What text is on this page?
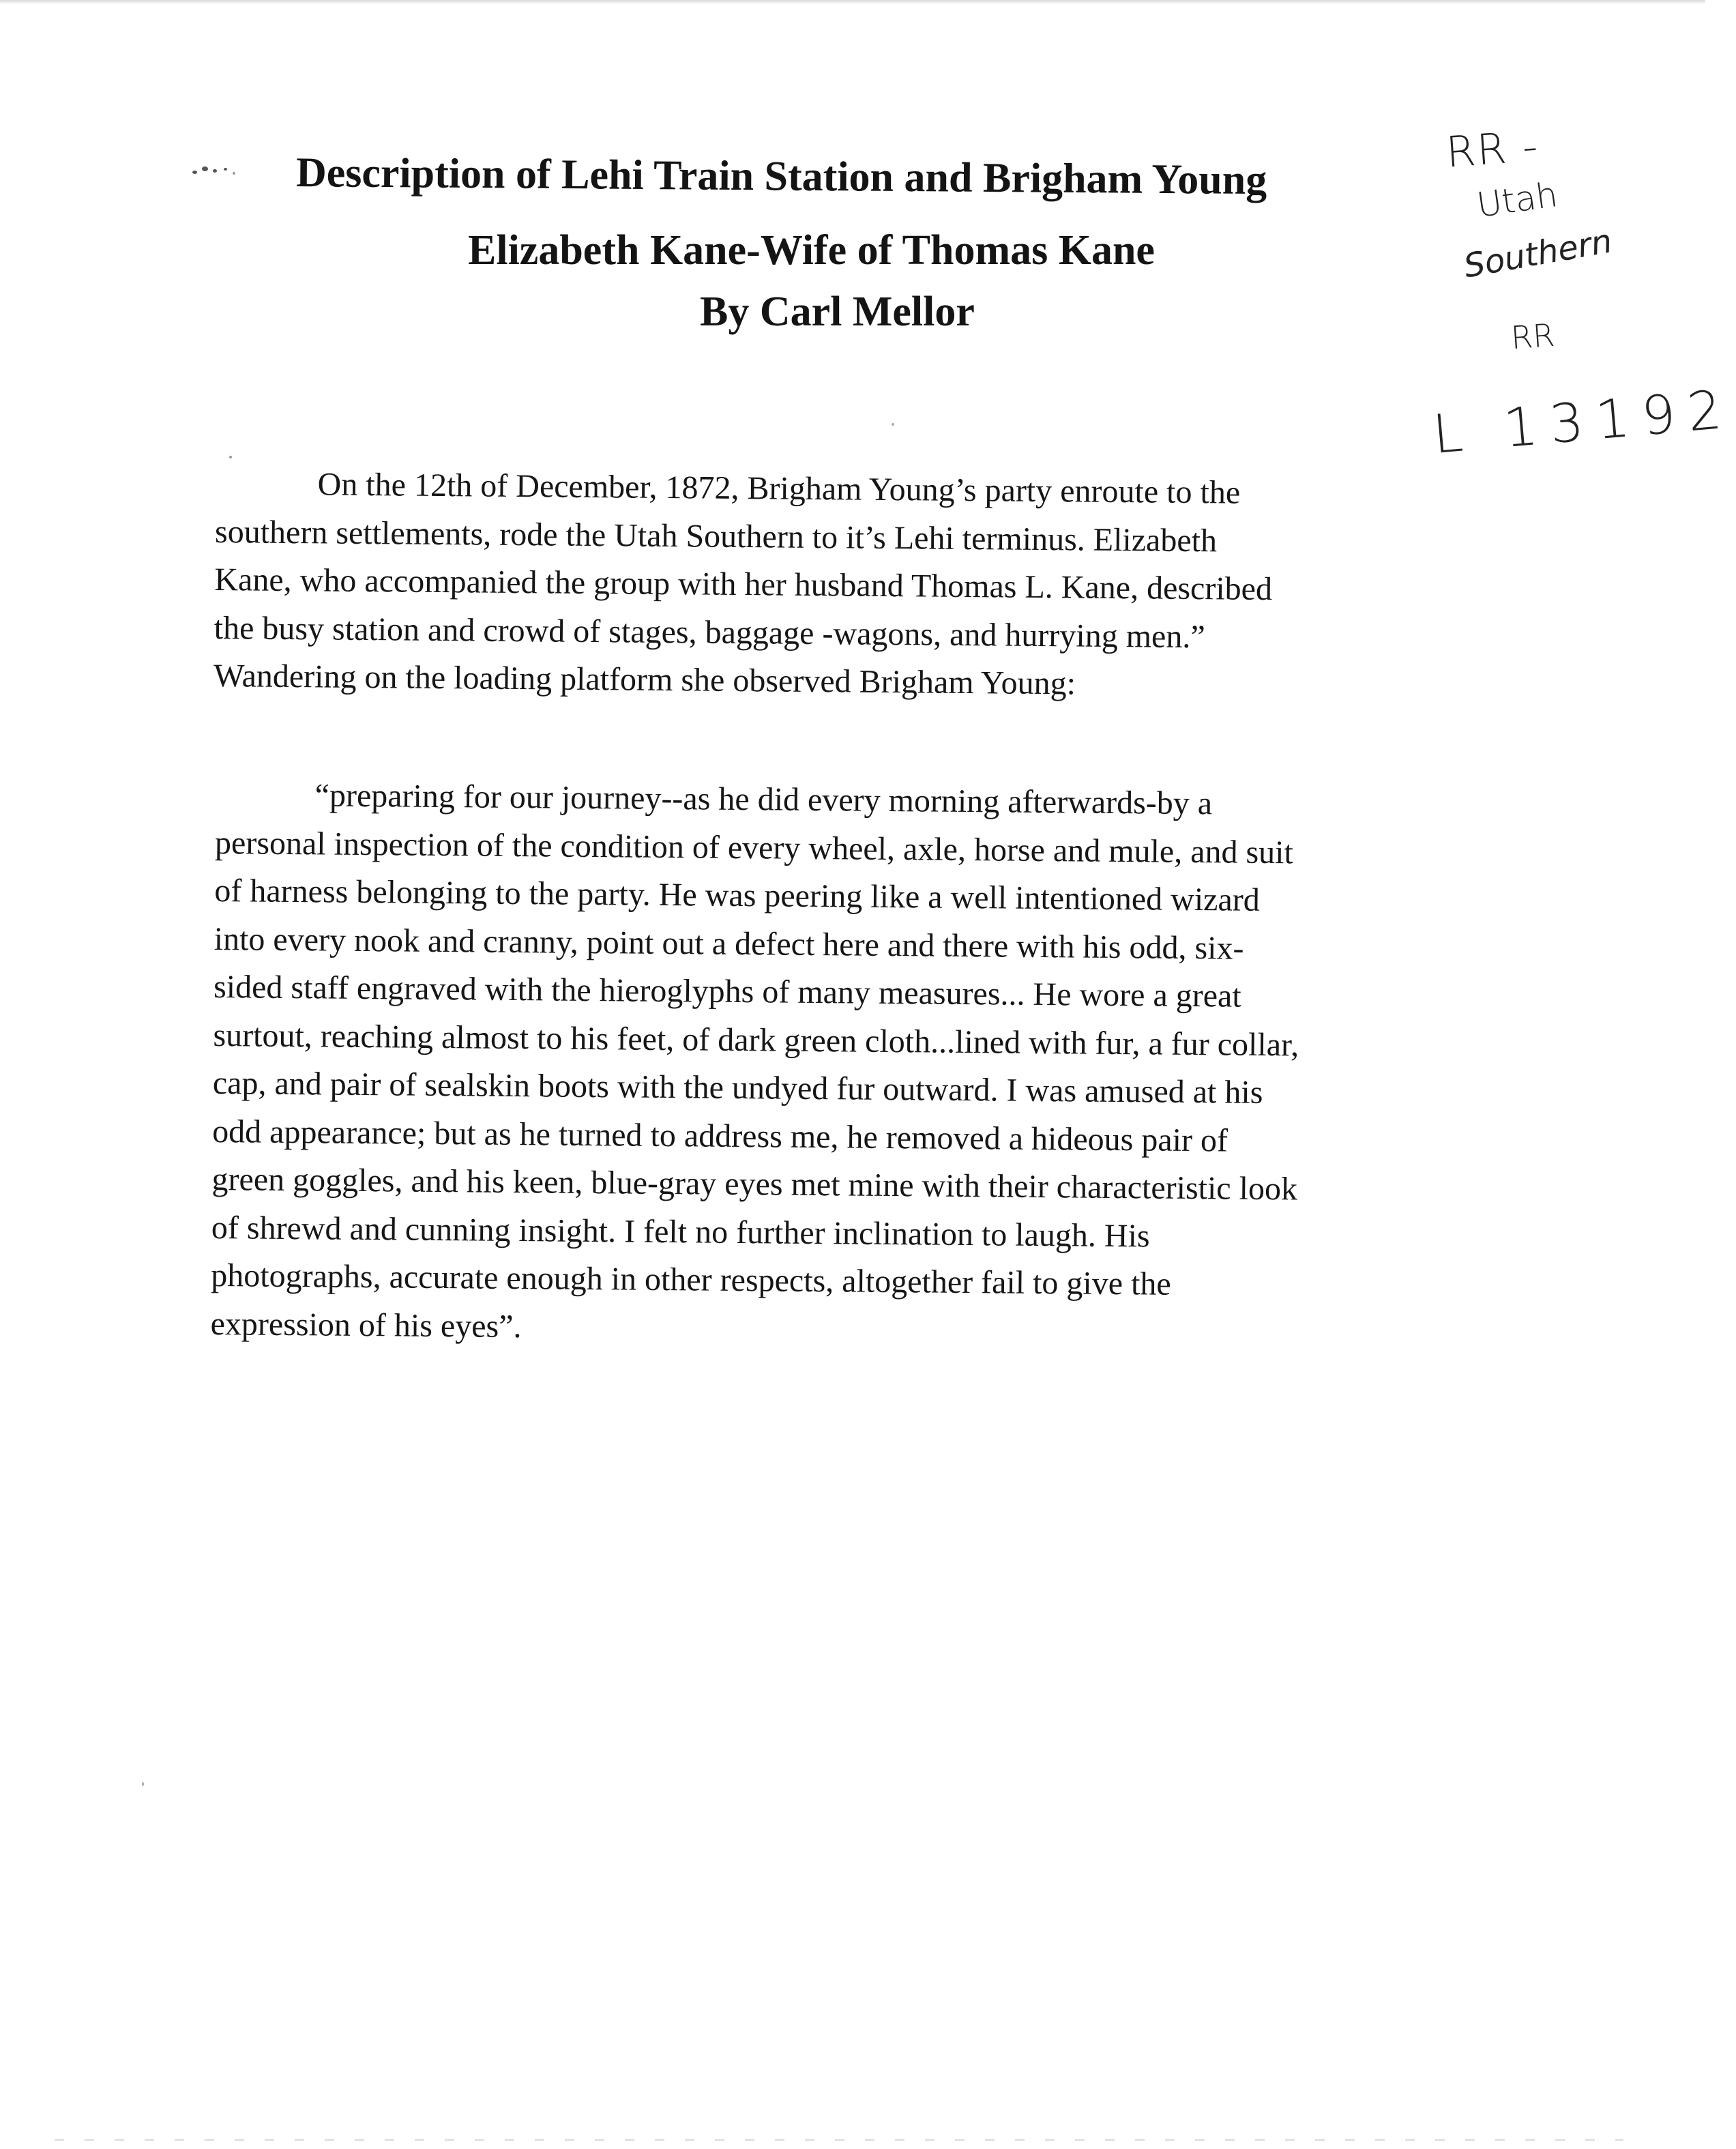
Description of Lehi Train Station and Brigham Young
Elizabeth Kane-Wife of Thomas Kane
By Carl Mellor
RR -
Utah
Southern
RR
L 13192
On the 12th of December, 1872, Brigham Young’s party enroute to the
southern settlements, rode the Utah Southern to it’s Lehi terminus. Elizabeth
Kane, who accompanied the group with her husband Thomas L. Kane, described
the busy station and crowd of stages, baggage -wagons, and hurrying men.”
Wandering on the loading platform she observed Brigham Young:
“preparing for our journey--as he did every morning afterwards-by a
personal inspection of the condition of every wheel, axle, horse and mule, and suit
of harness belonging to the party. He was peering like a well intentioned wizard
into every nook and cranny, point out a defect here and there with his odd, six-
sided staff engraved with the hieroglyphs of many measures... He wore a great
surtout, reaching almost to his feet, of dark green cloth...lined with fur, a fur collar,
cap, and pair of sealskin boots with the undyed fur outward. I was amused at his
odd appearance; but as he turned to address me, he removed a hideous pair of
green goggles, and his keen, blue-gray eyes met mine with their characteristic look
of shrewd and cunning insight. I felt no further inclination to laugh. His
photographs, accurate enough in other respects, altogether fail to give the
expression of his eyes”.
